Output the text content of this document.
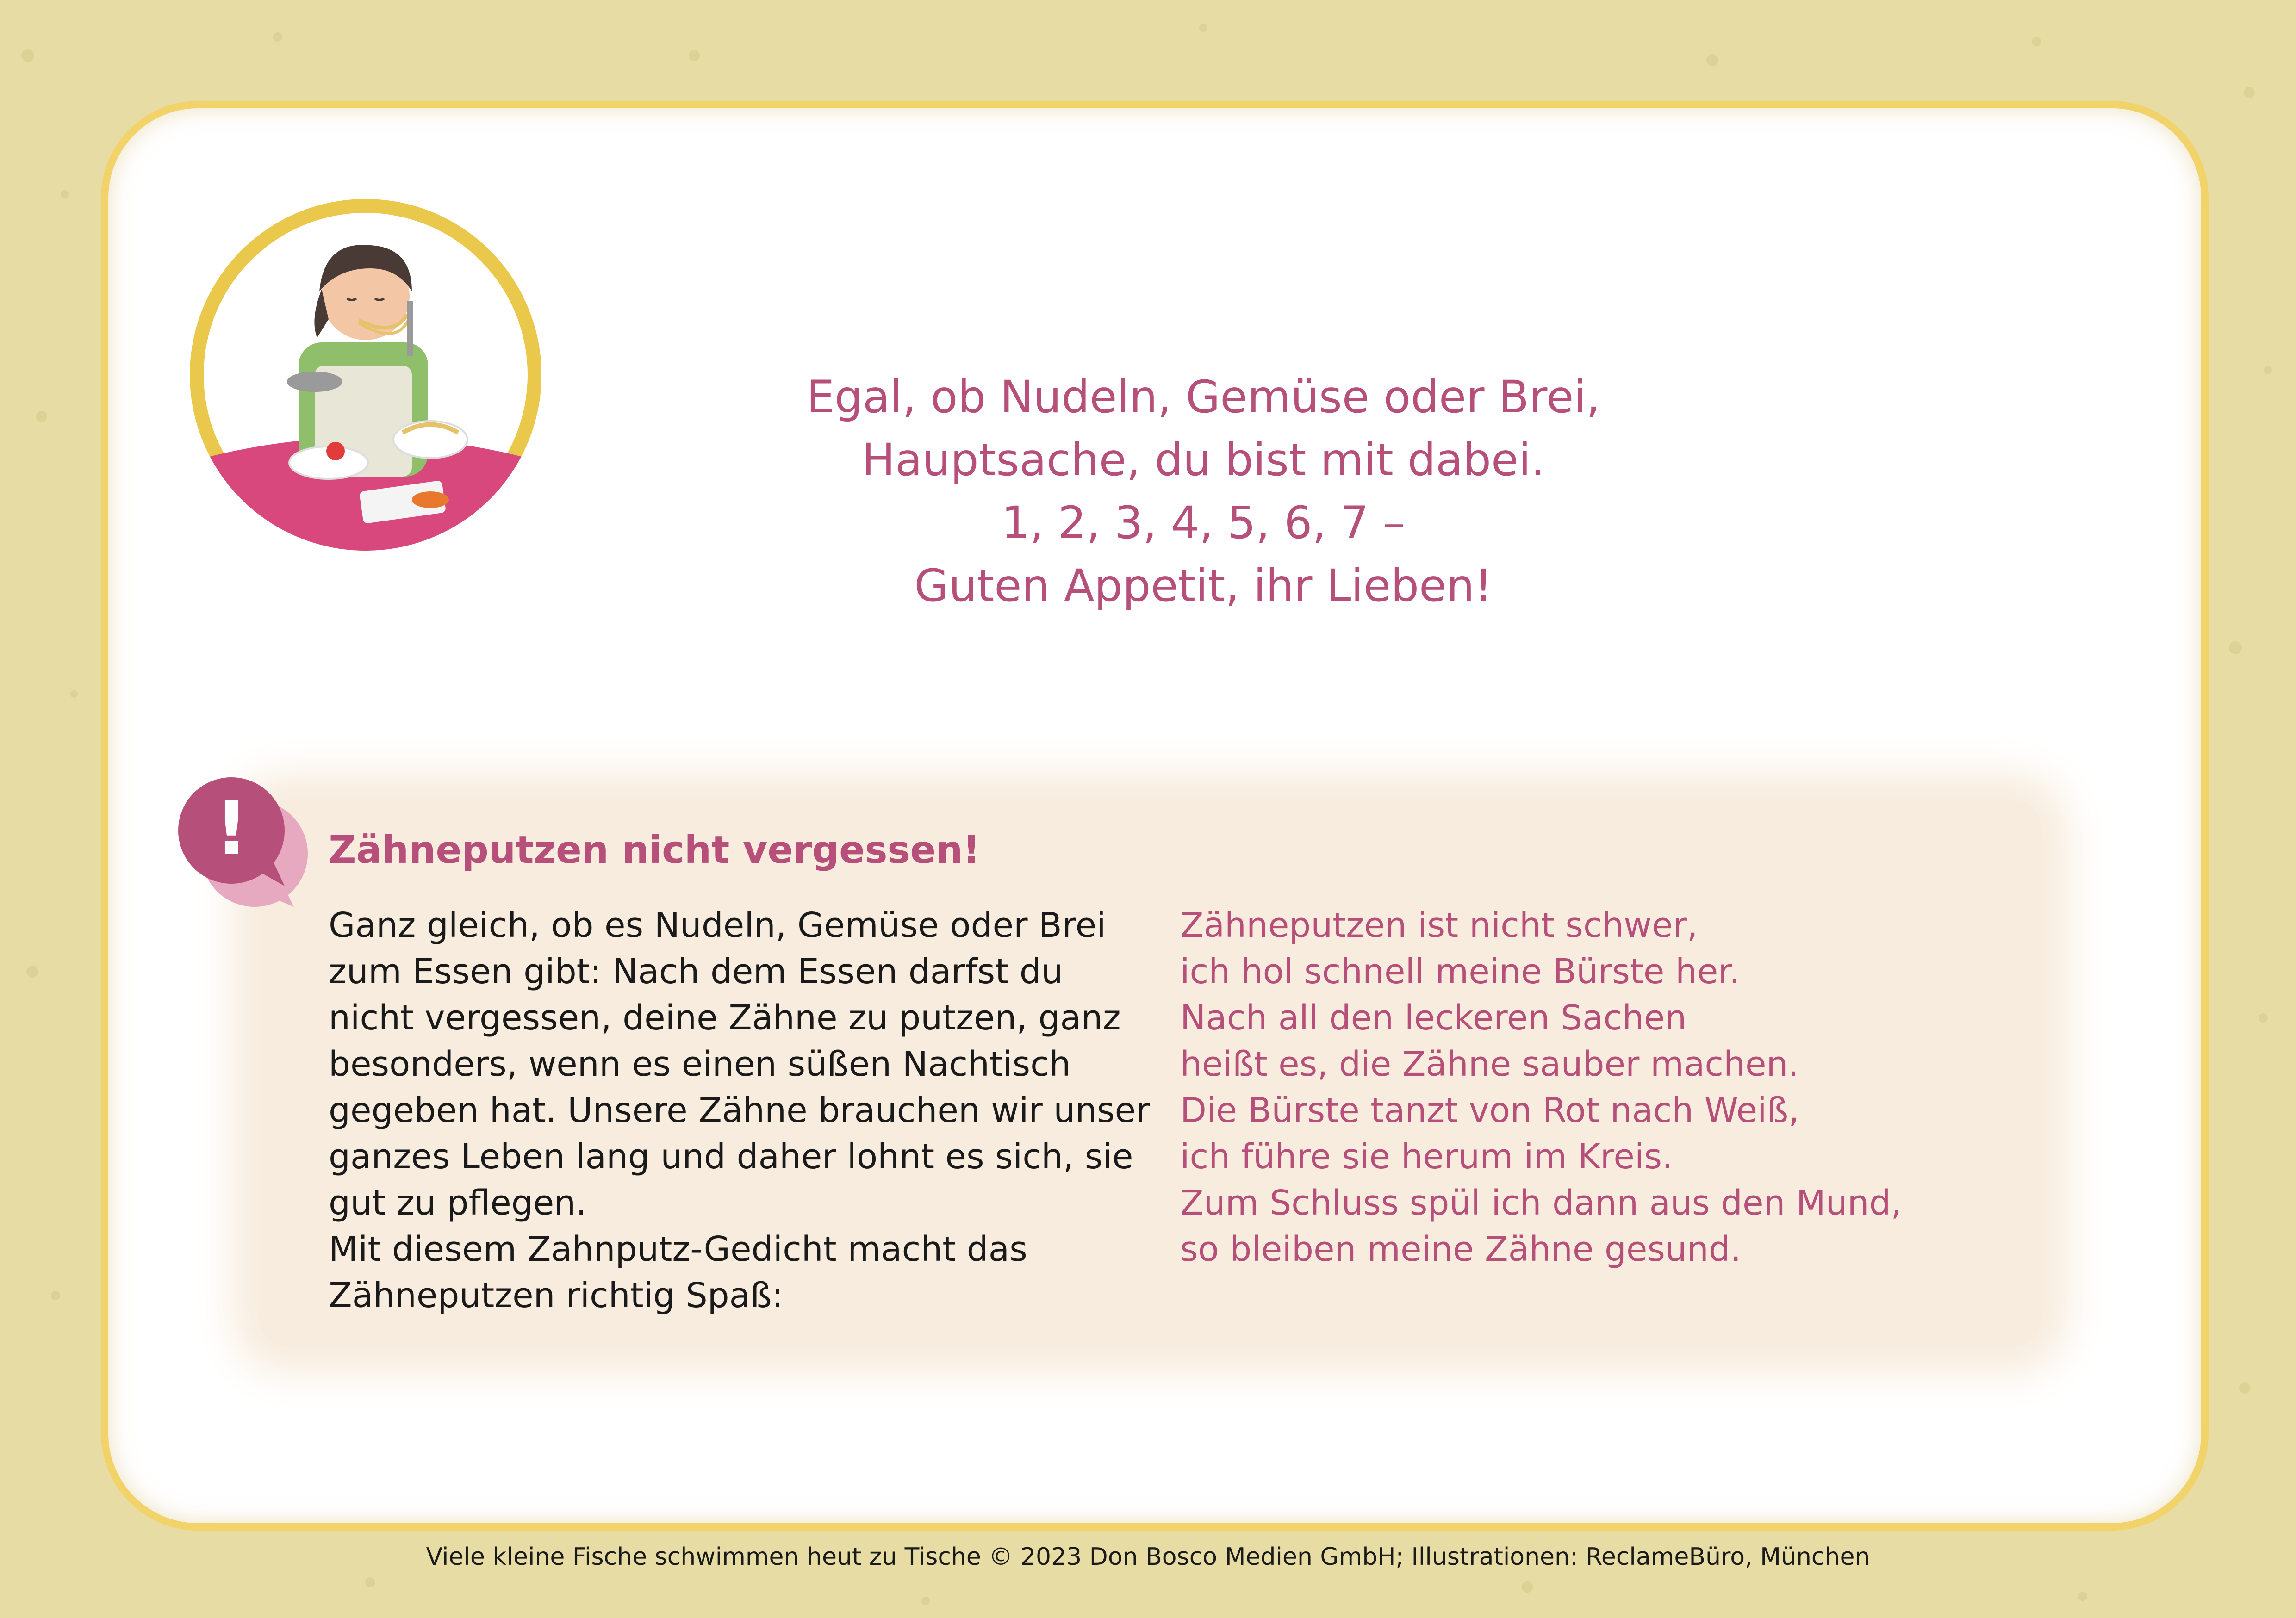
Egal, ob Nudeln, Gemüse oder Brei,
Hauptsache, du bist mit dabei.
1, 2, 3, 4, 5, 6, 7 –
Guten Appetit, ihr Lieben!
! Zähneputzen nicht vergessen!
Ganz gleich, ob es Nudeln, Gemüse oder Brei
zum Essen gibt: Nach dem Essen darfst du
nicht vergessen, deine Zähne zu putzen, ganz
besonders, wenn es einen süßen Nachtisch
gegeben hat. Unsere Zähne brauchen wir unser
ganzes Leben lang und daher lohnt es sich, sie
gut zu pflegen.
Mit diesem Zahnputz-Gedicht macht das
Zähneputzen richtig Spaß:
Zähneputzen ist nicht schwer,
ich hol schnell meine Bürste her.
Nach all den leckeren Sachen
heißt es, die Zähne sauber machen.
Die Bürste tanzt von Rot nach Weiß,
ich führe sie herum im Kreis.
Zum Schluss spül ich dann aus den Mund,
so bleiben meine Zähne gesund.
Viele kleine Fische schwimmen heut zu Tische © 2023 Don Bosco Medien GmbH; Illustrationen: ReclameBüro, München
